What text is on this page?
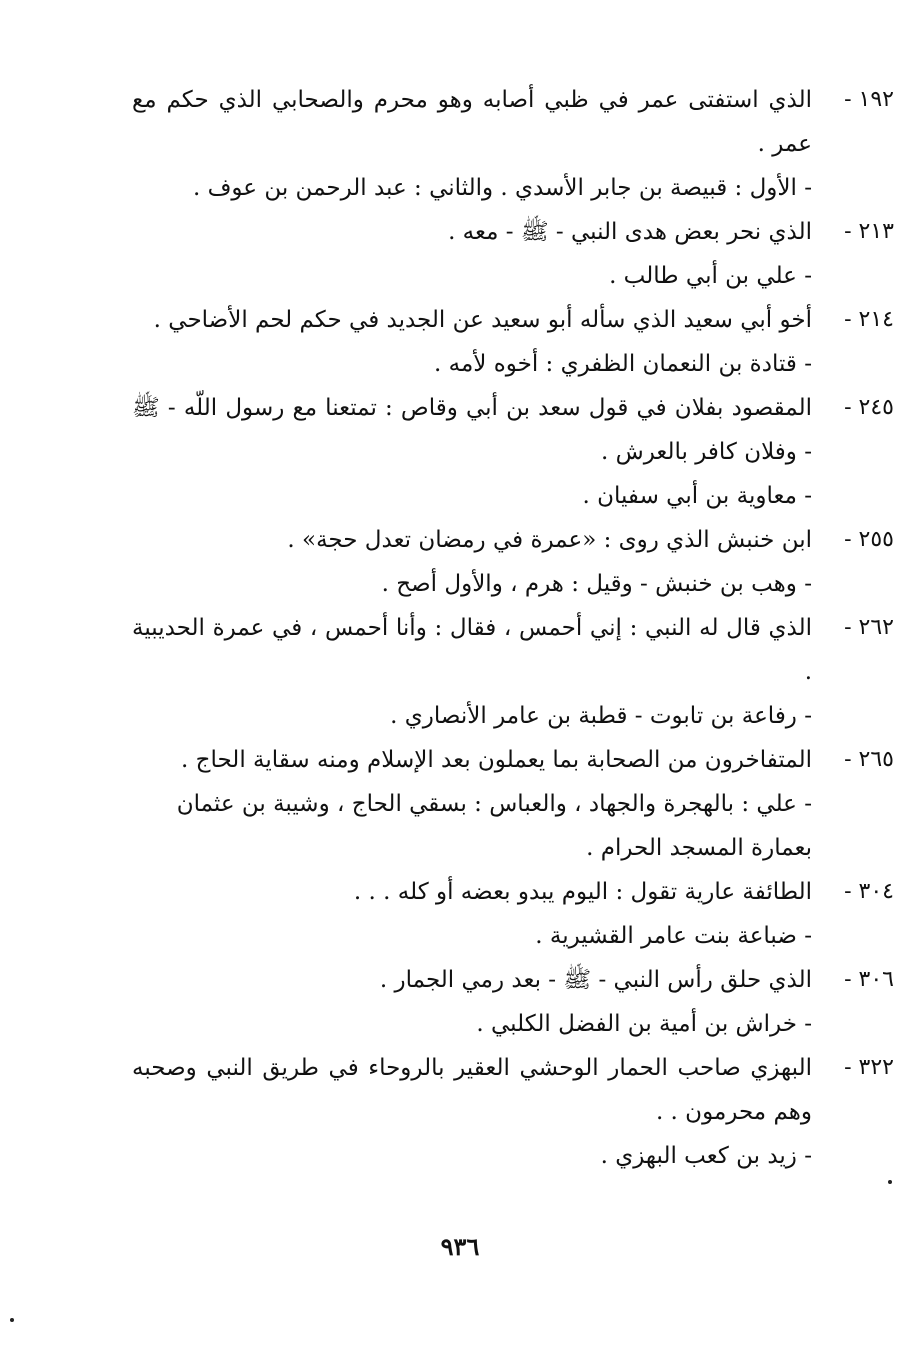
١٩٢ -

الذي استفتى عمر في ظبي أصابه وهو محرم والصحابي الذي حكم مع عمر .

- الأول : قبيصة بن جابر الأسدي . والثاني : عبد الرحمن بن عوف .

٢١٣ -

الذي نحر بعض هدى النبي - ﷺ - معه .

- علي بن أبي طالب .

٢١٤ -

أخو أبي سعيد الذي سأله أبو سعيد عن الجديد في حكم لحم الأضاحي .

- قتادة بن النعمان الظفري : أخوه لأمه .

٢٤٥ -

المقصود بفلان في قول سعد بن أبي وقاص : تمتعنا مع رسول اللّه - ﷺ - وفلان كافر بالعرش .

- معاوية بن أبي سفيان .

٢٥٥ -

ابن خنبش الذي روى : «عمرة في رمضان تعدل حجة» .

- وهب بن خنبش - وقيل : هرم ، والأول أصح .

٢٦٢ -

الذي قال له النبي : إني أحمس ، فقال : وأنا أحمس ، في عمرة الحديبية .

- رفاعة بن تابوت - قطبة بن عامر الأنصاري .

٢٦٥ -

المتفاخرون من الصحابة بما يعملون بعد الإسلام ومنه سقاية الحاج .

- علي : بالهجرة والجهاد ، والعباس : بسقي الحاج ، وشيبة بن عثمان بعمارة المسجد الحرام .

٣٠٤ -

الطائفة عارية تقول : اليوم يبدو بعضه أو كله . . .

- ضباعة بنت عامر القشيرية .

٣٠٦ -

الذي حلق رأس النبي - ﷺ - بعد رمي الجمار .

- خراش بن أمية بن الفضل الكلبي .

٣٢٢ -

البهزي صاحب الحمار الوحشي العقير بالروحاء في طريق النبي وصحبه وهم محرمون . .

- زيد بن كعب البهزي .

٩٣٦
